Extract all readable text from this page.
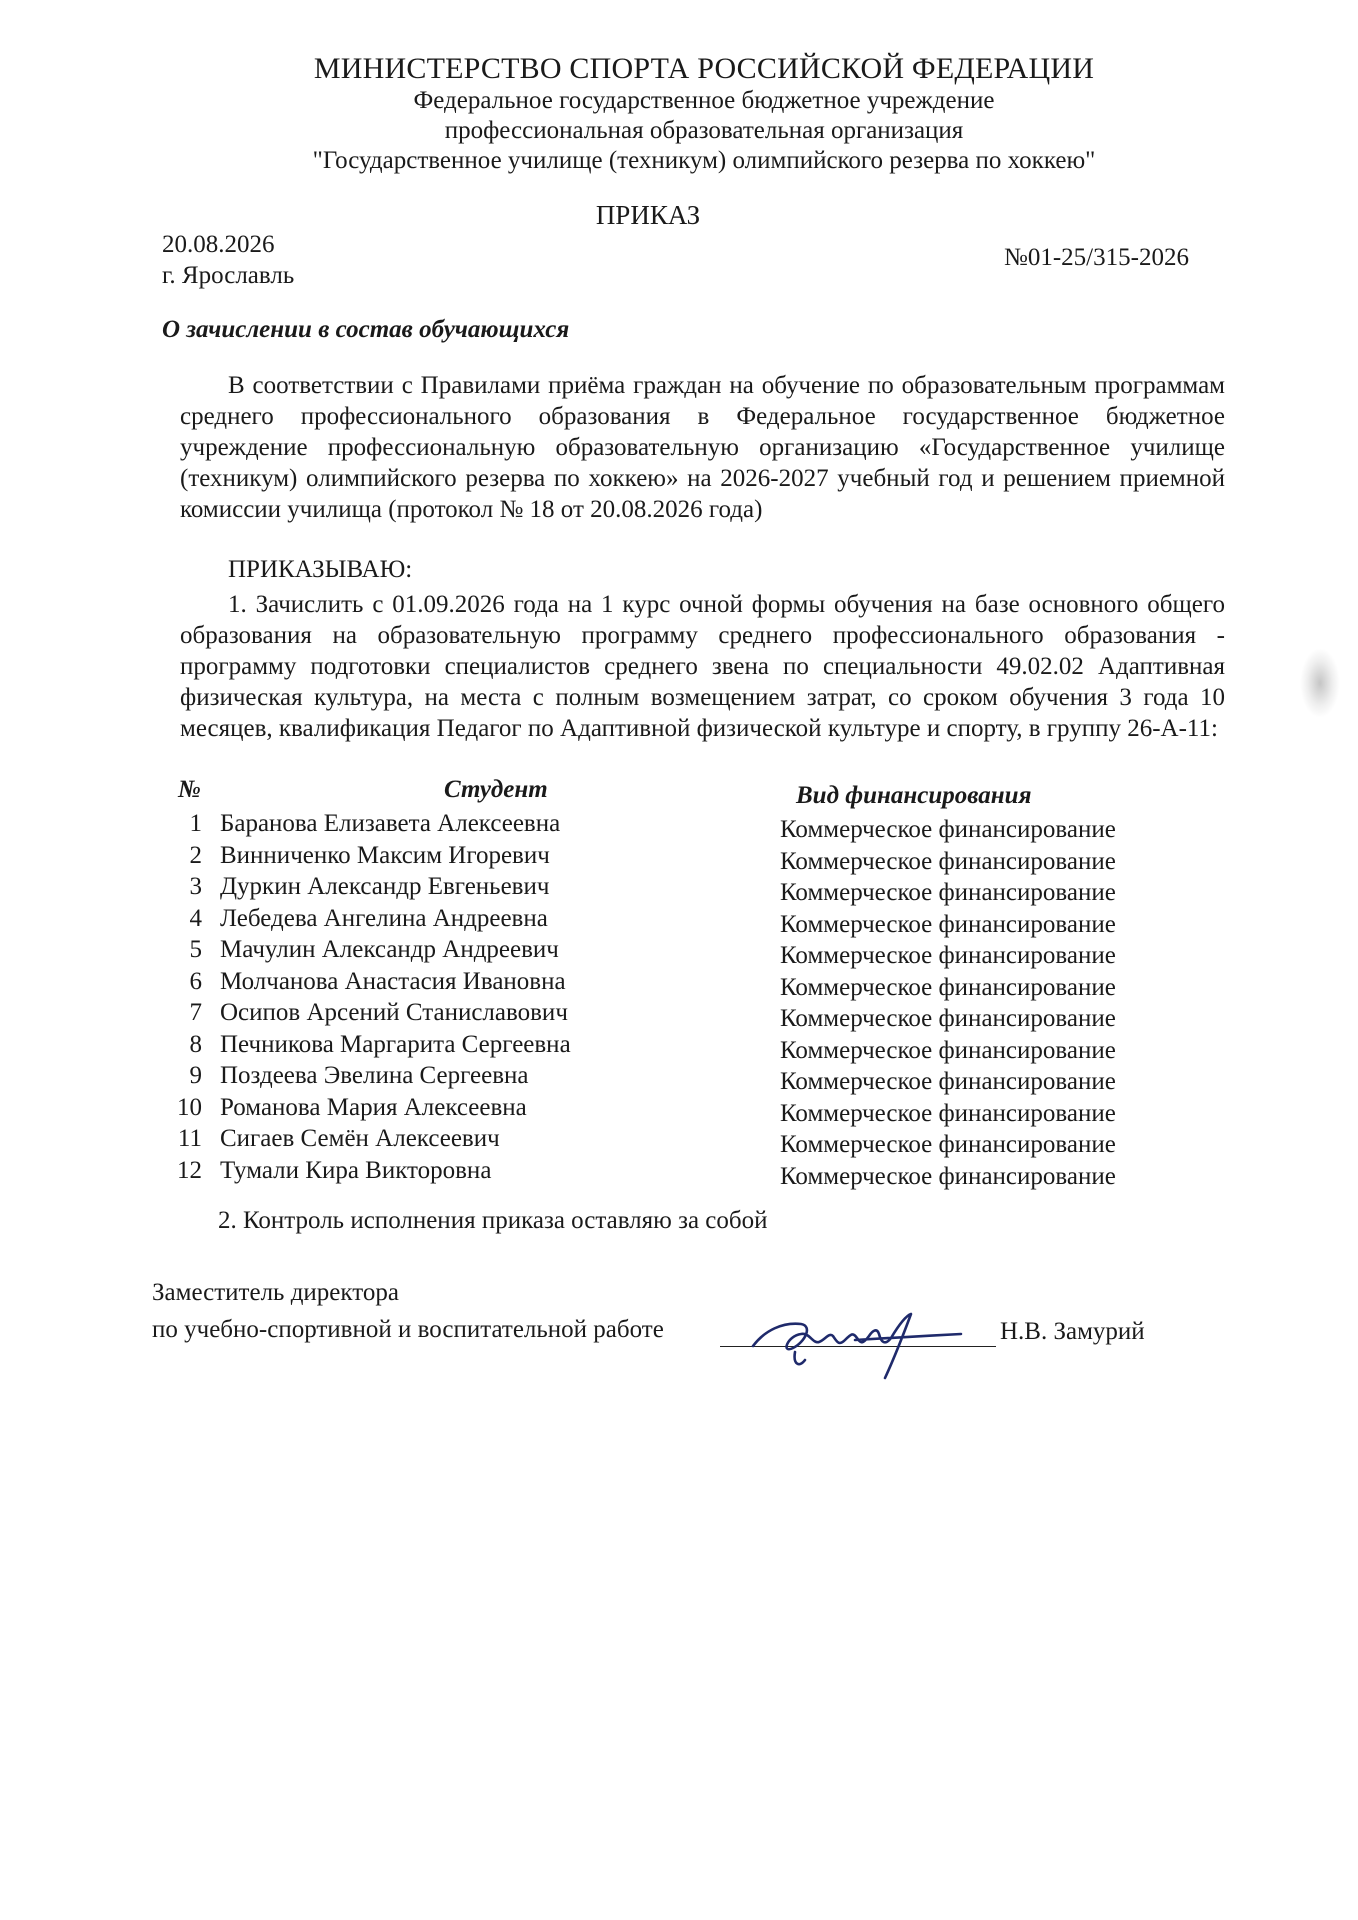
МИНИСТЕРСТВО СПОРТА РОССИЙСКОЙ ФЕДЕРАЦИИ
Федеральное государственное бюджетное учреждение
профессиональная образовательная организация
"Государственное училище (техникум) олимпийского резерва по хоккею"
ПРИКАЗ
20.08.2026
г. Ярославль
№01-25/315-2026
О зачислении в состав обучающихся
В соответствии с Правилами приёма граждан на обучение по образовательным программам среднего профессионального образования в Федеральное государственное бюджетное учреждение профессиональную образовательную организацию «Государственное училище (техникум) олимпийского резерва по хоккею» на 2026-2027 учебный год и решением приемной комиссии училища (протокол № 18 от 20.08.2026 года)
ПРИКАЗЫВАЮ:
1. Зачислить с 01.09.2026 года на 1 курс очной формы обучения на базе основного общего образования на образовательную программу среднего профессионального образования - программу подготовки специалистов среднего звена по специальности 49.02.02 Адаптивная физическая культура, на места с полным возмещением затрат, со сроком обучения 3 года 10 месяцев, квалификация Педагог по Адаптивной физической культуре и спорту, в группу 26-А-11:
№	Студент	Вид финансирования
1 Баранова Елизавета Алексеевна	Коммерческое финансирование
2 Винниченко Максим Игоревич	Коммерческое финансирование
3 Дуркин Александр Евгеньевич	Коммерческое финансирование
4 Лебедева Ангелина Андреевна	Коммерческое финансирование
5 Мачулин Александр Андреевич	Коммерческое финансирование
6 Молчанова Анастасия Ивановна	Коммерческое финансирование
7 Осипов Арсений Станиславович	Коммерческое финансирование
8 Печникова Маргарита Сергеевна	Коммерческое финансирование
9 Поздеева Эвелина Сергеевна	Коммерческое финансирование
10 Романова Мария Алексеевна	Коммерческое финансирование
11 Сигаев Семён Алексеевич	Коммерческое финансирование
12 Тумали Кира Викторовна	Коммерческое финансирование
2. Контроль исполнения приказа оставляю за собой
Заместитель директора
по учебно-спортивной и воспитательной работе	Н.В. Замурий
